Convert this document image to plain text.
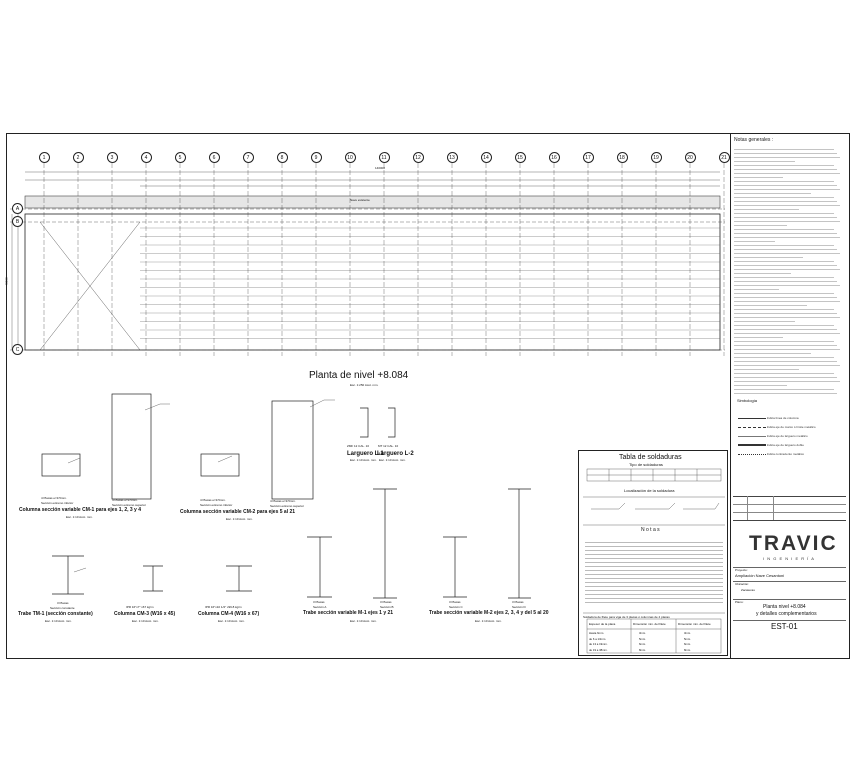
1	2	3	4	5	6	7	8	9	10	11	12	13	14	15	16	17	18	19	20	21
A
B
C
140000
40000
Nave existente
Planta de nivel +8.084
Esc. 1:250 Acot. mm.
4 Placas e=9.5mm.
Sección extremo inferior
4 Placas e=9.5mm.
Sección extremo superior
Columna sección variable CM-1 para ejes 1, 2, 3 y 4
Esc. 1:10 Acot. mm.
4 Placas e=9.5mm.
Sección extremo inferior
4 Placas e=9.5mm.
Sección extremo superior
Columna sección variable CM-2 para ejes 5 al 21
Esc. 1:10 Acot. mm.
ZMF 12 CAL. 10
Larguero L-1
Esc. 1:10 Acot. mm.
MT 12 CAL. 10
Larguero L-2
Esc. 1:10 Acot. mm.
3 Placas
Sección constante
Trabe TM-1 (sección constante)
Esc. 1:10 Acot. mm.
IPR 16"x7" x67 kg/m
Columna CM-3 (W16 x 45)
Esc. 1:10 Acot. mm.
IPR 16"x10 1/4" x99.8 kg/m
Columna CM-4 (W16 x 67)
Esc. 1:10 Acot. mm.
3 Placas
Sección A
3 Placas
Sección B
Trabe sección variable M-1 ejes 1 y 21
Esc. 1:10 Acot. mm.
3 Placas
Sección C
3 Placas
Sección D
Trabe sección variable M-2 ejes 2, 3, 4 y del 5 al 20
Esc. 1:10 Acot. mm.
Tabla de soldaduras
Tipo de soldaduras
Localización de la soldadura
N o t a s
Soldadura de filete para viga de 3 placas ó columnas de 4 placas
Espesor de la placa	Dimensión min. del filete	Dimensión min. del filete
Hasta 6mm.	3mm.	3mm.
de 6 a 13mm.	5mm.	5mm.
de 13 a 19mm.	6mm.	6mm.
de 19 a 38mm.	8mm.	8mm.
Notas generales :
Simbología
Indica línea de columna
Indica eje de marco ó límite metálico
Indica eje de larguero metálico
Indica eje de larguero doble
Indica contraviento metálico
TRAVIC
I N G E N I E R Í A
Proyecto:
Ampliación Nave Cesantoni
Ubicación:
Zacatecas
Plano:
Planta nivel +8.084
y detalles complementarios
EST-01
